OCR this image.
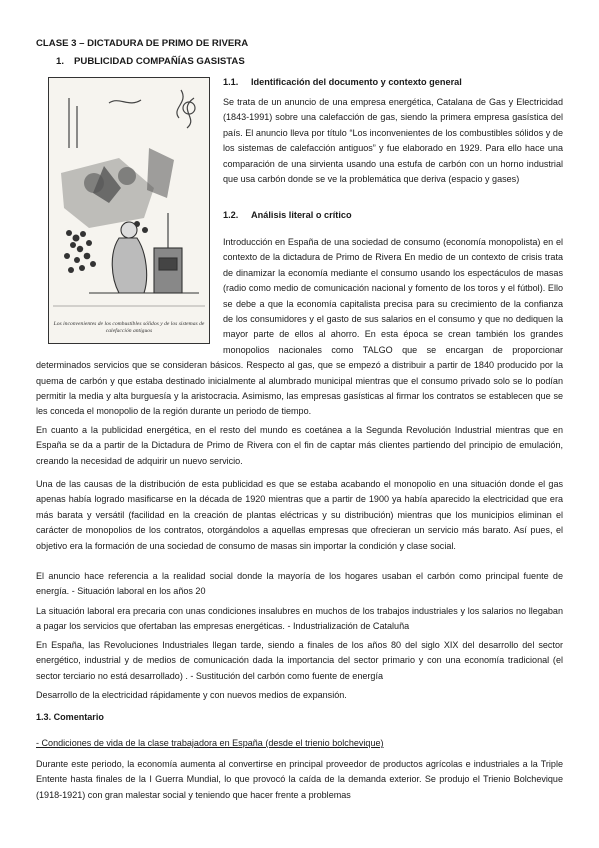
CLASE 3 – DICTADURA DE PRIMO DE RIVERA
1. PUBLICIDAD COMPAÑÍAS GASISTAS
Los inconvenientes de los combustibles sólidos y de los sistemas de calefacción antiguos
1.1. Identificación del documento y contexto general

Se trata de un anuncio de una empresa energética, Catalana de Gas y Electricidad (1843-1991) sobre una calefacción de gas, siendo la primera empresa gasística del país. El anuncio lleva por título “Los inconvenientes de los combustibles sólidos y de los sistemas de calefacción antiguos” y fue elaborado en 1929. Para ello hace una comparación de una sirvienta usando una estufa de carbón con un horno industrial que usa carbón donde se ve la problemática que deriva (espacio y gases)

1.2. Análisis literal o crítico

Introducción en España de una sociedad de consumo (economía monopolista) en el contexto de la dictadura de Primo de Rivera En medio de un contexto de crisis trata de dinamizar la economía mediante el consumo usando los espectáculos de masas (radio como medio de comunicación nacional y fomento de los toros y el fútbol). Ello se debe a que la economía capitalista precisa para su crecimiento de la confianza de los consumidores y el gasto de sus salarios en el consumo y que no dediquen la mayor parte de ellos al ahorro. En esta época se crean también los grandes monopolios nacionales como TALGO que se encargan de proporcionar determinados servicios que se consideran básicos. Respecto al gas, que se empezó a distribuir a partir de 1840 producido por la quema de carbón y que estaba destinado inicialmente al alumbrado municipal mientras que el consumo privado solo se lo podían permitir la media y alta burguesía y la aristocracia. Asimismo, las empresas gasísticas al firmar los contratos se establecen que se les conceda el monopolio de la región durante un periodo de tiempo.

En cuanto a la publicidad energética, en el resto del mundo es coetánea a la Segunda Revolución Industrial mientras que en España se da a partir de la Dictadura de Primo de Rivera con el fin de captar más clientes partiendo del principio de emulación, creando la necesidad de adquirir un nuevo servicio.

Una de las causas de la distribución de esta publicidad es que se estaba acabando el monopolio en una situación donde el gas apenas había logrado masificarse en la década de 1920 mientras que a partir de 1900 ya había aparecido la electricidad que era más barata y versátil (facilidad en la creación de plantas eléctricas y su distribución) mientras que los municipios eliminan el carácter de monopolios de los contratos, otorgándolos a aquellas empresas que ofrecieran un servicio más barato. Así pues, el objetivo era la formación de una sociedad de consumo de masas sin importar la condición y clase social.

El anuncio hace referencia a la realidad social donde la mayoría de los hogares usaban el carbón como principal fuente de energía. - Situación laboral en los años 20

La situación laboral era precaria con unas condiciones insalubres en muchos de los trabajos industriales y los salarios no llegaban a pagar los servicios que ofertaban las empresas energéticas. - Industrialización de Cataluña

En España, las Revoluciones Industriales llegan tarde, siendo a finales de los años 80 del siglo XIX del desarrollo del sector energético, industrial y de medios de comunicación dada la importancia del sector primario y con una economía tradicional (el sector terciario no está desarrollado) . - Sustitución del carbón como fuente de energía

Desarrollo de la electricidad rápidamente y con nuevos medios de expansión.

1.3. Comentario
- Condiciones de vida de la clase trabajadora en España (desde el trienio bolchevique)

Durante este periodo, la economía aumenta al convertirse en principal proveedor de productos agrícolas e industriales a la Triple Entente hasta finales de la I Guerra Mundial, lo que provocó la caída de la demanda exterior. Se produjo el Trienio Bolchevique (1918-1921) con gran malestar social y teniendo que hacer frente a problemas
